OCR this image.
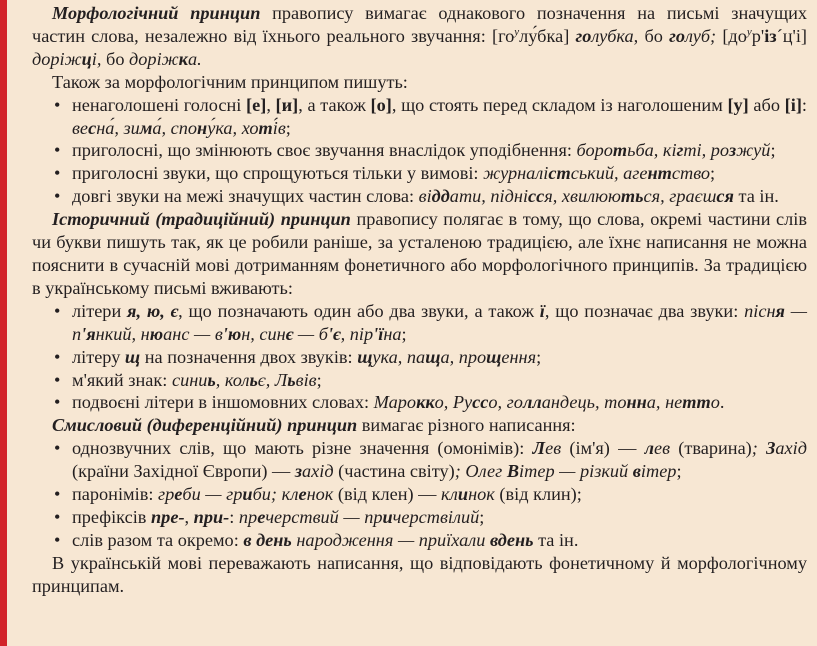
Морфологічний принцип правопису вимагає однакового позначення на письмі значущих частин слова, незалежно від їхнього реального звучання: $[го^улу́бка]$ голубка, бо голуб; $[до^ур'із´ц'і]$ доріжці, бо доріжка.

Також за морфологічним принципом пишуть:

• ненаголошені голосні [е], [и], а також [о], що стоять перед складом із наголошеним [у] або [і]: весна́, зима́, спону́ка, хоті́в;
• приголосні, що змінюють своє звучання внаслідок уподібнення: боротьба, кігті, розжуй;
• приголосні звуки, що спрощуються тільки у вимові: журналістський, агентство;
• довгі звуки на межі значущих частин слова: віддати, піднісся, хвилюються, граєшся та ін.

Історичний (традиційний) принцип правопису полягає в тому, що слова, окремі частини слів чи букви пишуть так, як це робили раніше, за усталеною традицією, але їхнє написання не можна пояснити в сучасній мові дотриманням фонетичного або морфологічного принципів. За традицією в українському письмі вживають:

• літери я, ю, є, що позначають один або два звуки, а також ї, що позначає два звуки: пісня — п'янкий, нюанс — в'юн, синє — б'є, пір'їна;
• літеру щ на позначення двох звуків: щука, паща, прощення;
• м'який знак: синиь, кольє, Львів;
• подвоєні літери в іншомовних словах: Марокко, Руссо, голландець, тонна, нетто.

Смисловий (диференційний) принцип вимагає різного написання:

• однозвучних слів, що мають різне значення (омонімів): Лев (ім'я) — лев (тварина); Захід (країни Західної Європи) — захід (частина світу); Олег Вітер — різкий вітер;
• паронімів: греби — гриби; кленок (від клен) — клинок (від клин);
• префіксів пре-, при-: пречерствий — причерствілий;
• слів разом та окремо: в день народження — приїхали вдень та ін.

В українській мові переважають написання, що відповідають фонетичному й морфологічному принципам.
